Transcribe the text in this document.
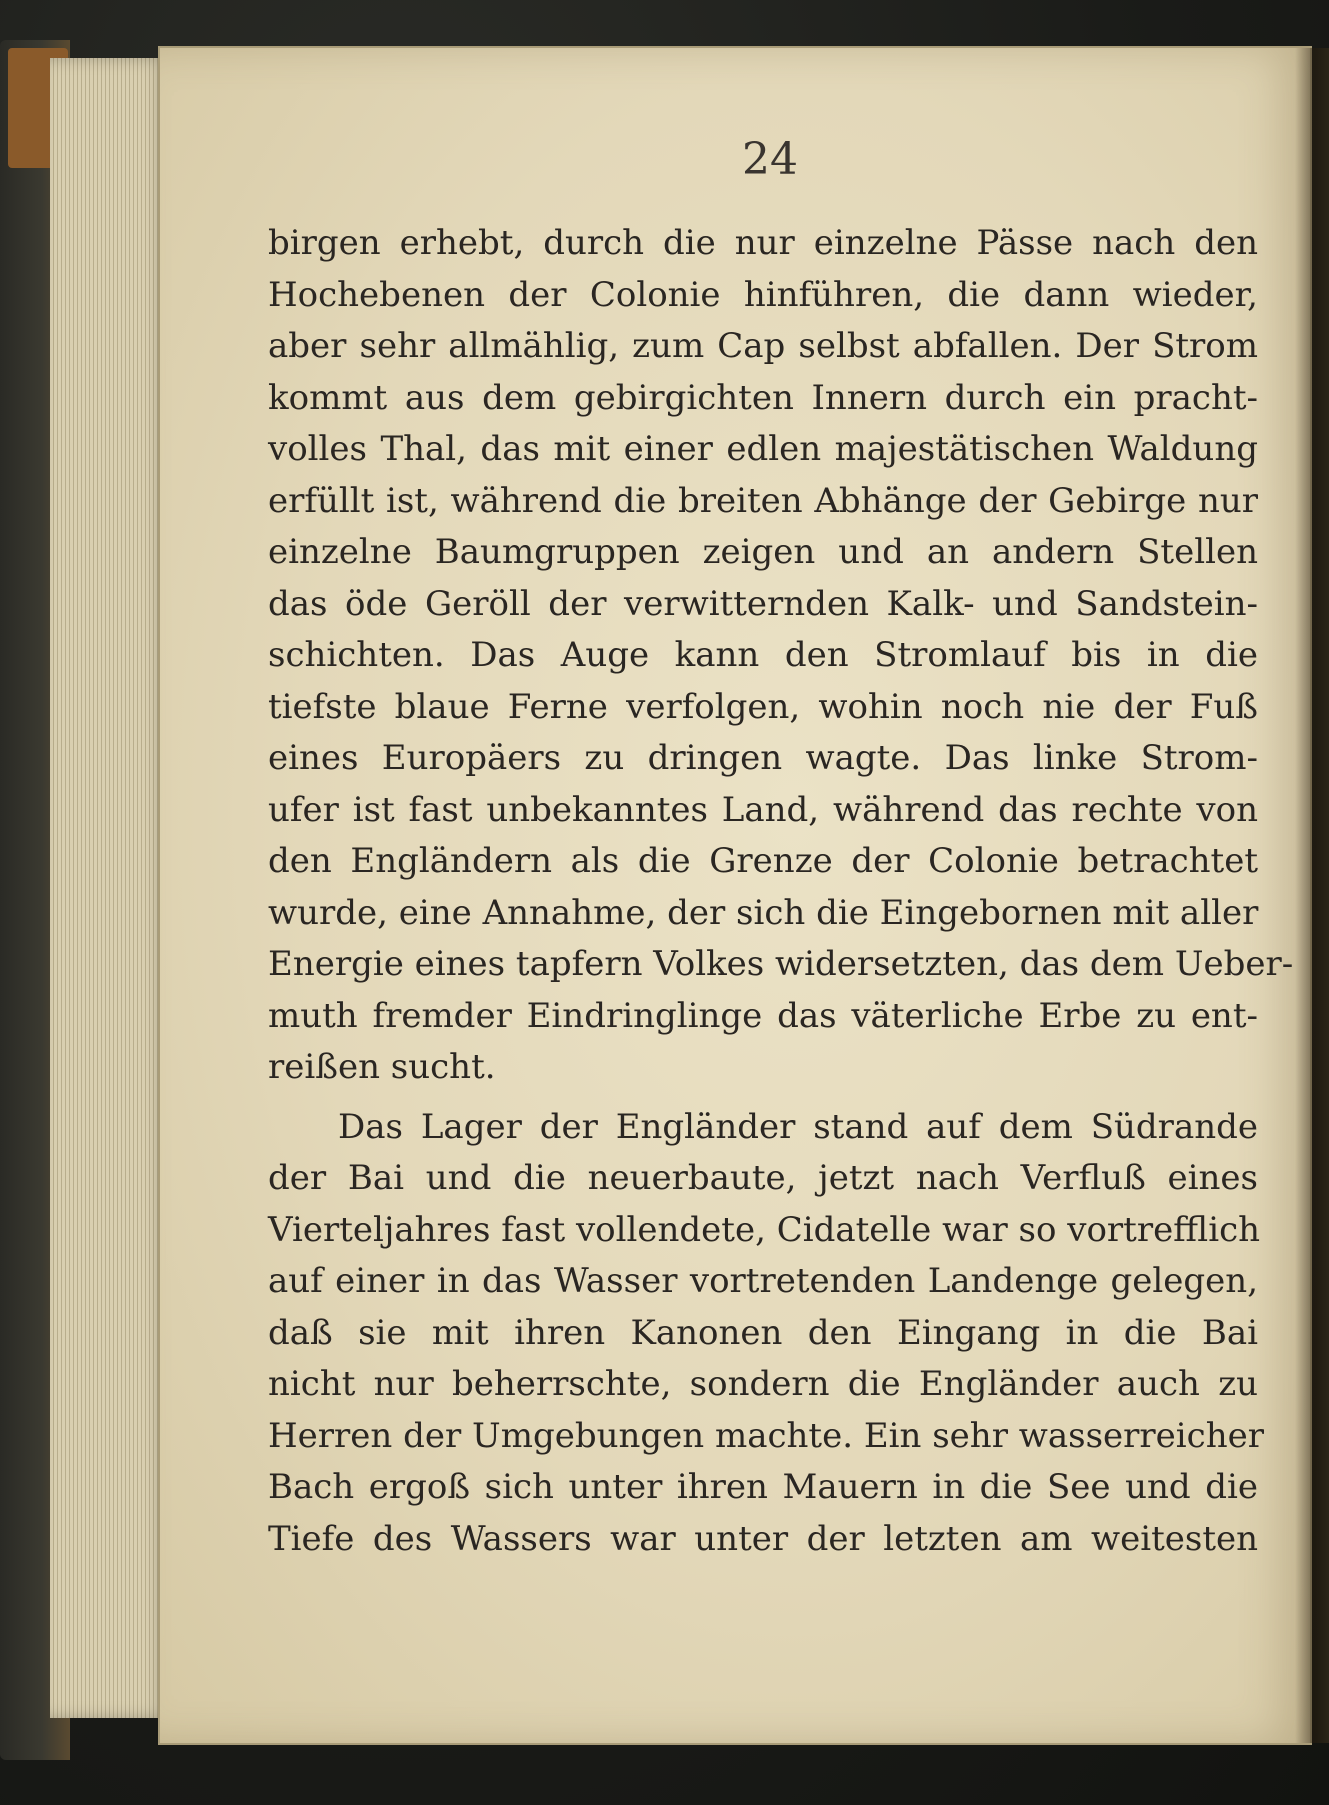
24
birgen erhebt, durch die nur einzelne Pässe nach den
Hochebenen der Colonie hinführen, die dann wieder,
aber sehr allmählig, zum Cap selbst abfallen. Der Strom
kommt aus dem gebirgichten Innern durch ein pracht-
volles Thal, das mit einer edlen majestätischen Waldung
erfüllt ist, während die breiten Abhänge der Gebirge nur
einzelne Baumgruppen zeigen und an andern Stellen
das öde Geröll der verwitternden Kalk- und Sandstein-
schichten. Das Auge kann den Stromlauf bis in die
tiefste blaue Ferne verfolgen, wohin noch nie der Fuß
eines Europäers zu dringen wagte. Das linke Strom-
ufer ist fast unbekanntes Land, während das rechte von
den Engländern als die Grenze der Colonie betrachtet
wurde, eine Annahme, der sich die Eingebornen mit aller
Energie eines tapfern Volkes widersetzten, das dem Ueber-
muth fremder Eindringlinge das väterliche Erbe zu ent-
reißen sucht.
Das Lager der Engländer stand auf dem Südrande
der Bai und die neuerbaute, jetzt nach Verfluß eines
Vierteljahres fast vollendete, Cidatelle war so vortrefflich
auf einer in das Wasser vortretenden Landenge gelegen,
daß sie mit ihren Kanonen den Eingang in die Bai
nicht nur beherrschte, sondern die Engländer auch zu
Herren der Umgebungen machte. Ein sehr wasserreicher
Bach ergoß sich unter ihren Mauern in die See und die
Tiefe des Wassers war unter der letzten am weitesten
